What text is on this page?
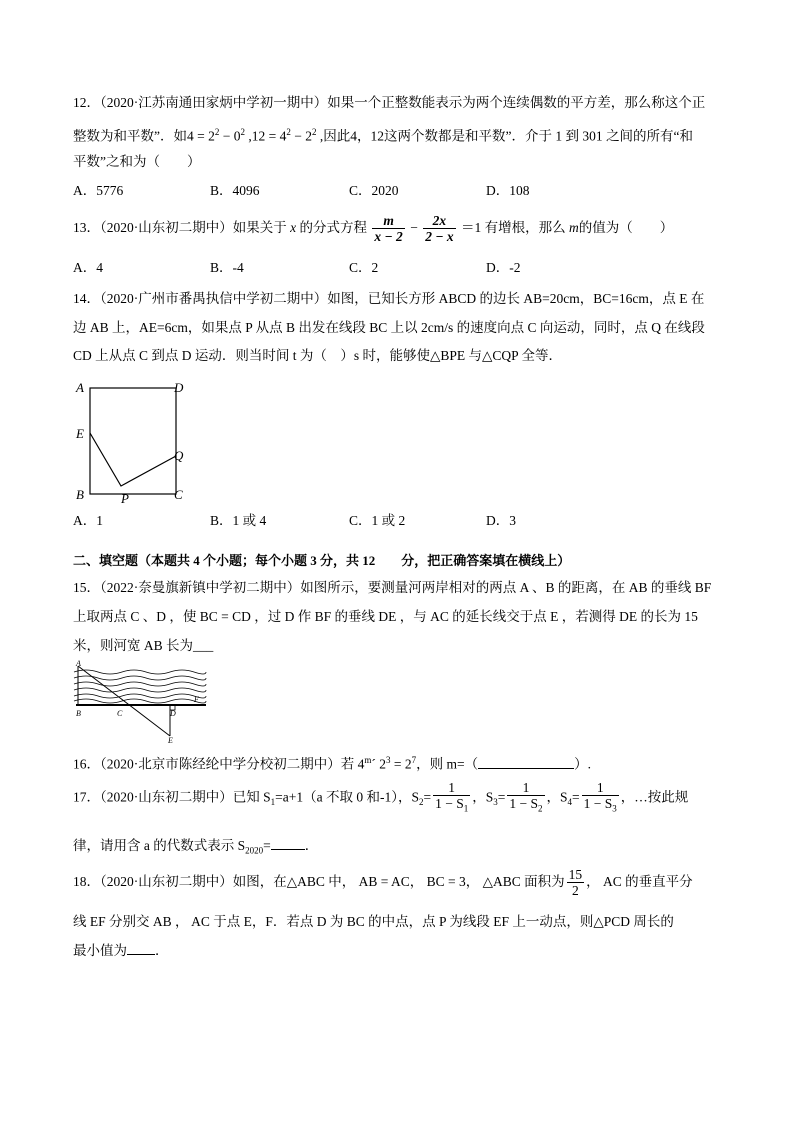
12．（2020·江苏南通田家炳中学初一期中）如果一个正整数能表示为两个连续偶数的平方差，那么称这个正
整数为和平数”．如$4 = 2^2 - 0^2$ $,12 = 4^2 - 2^2$ ,因此4，12这两个数都是和平数”．介于 1 到 301 之间的所有“和
平数”之和为（　　）
A．5776	B．4096	C．2020	D．108
13．（2020·山东初二期中）如果关于 x 的分式方程 $\frac{m}{x - 2} - \frac{2x}{2 - x} =1$ 有增根，那么 m的值为（　　）
A．4	B．-4	C．2	D．-2
14．（2020·广州市番禺执信中学初二期中）如图，已知长方形 ABCD 的边长 AB=20cm，BC=16cm，点 E 在
边 AB 上，AE=6cm，如果点 P 从点 B 出发在线段 BC 上以 2cm/s 的速度向点 C 向运动，同时，点 Q 在线段
CD 上从点 C 到点 D 运动．则当时间 t 为（　）s 时，能够使△BPE 与△CQP 全等．
A	D
E
Q
B	P	C
A．1	B．1 或 4	C．1 或 2	D．3
二、填空题（本题共 4 个小题；每个小题 3 分，共 12　　分，把正确答案填在横线上）
15．（2022·奈曼旗新镇中学初二期中）如图所示，要测量河两岸相对的两点 A 、B 的距离，在 AB 的垂线 BF
上取两点 C 、D ，使 BC = CD ，过 D 作 BF 的垂线 DE ，与 AC 的延长线交于点 E ，若测得 DE 的长为 15
米，则河宽 AB 长为___
A
B	C	D
F
E
16．（2020·北京市陈经纶中学分校初二期中）若 4$^m$´ $2^3 = 2^7$，则 m=（	）.
17．（2020·山东初二期中）已知 $S_1=a+1(a$ 不取 0 和-1），$S_2= \frac{1}{1 - S_1}$ ，$S_3= \frac{1}{1 - S_2}$ ，$S_4= \frac{1}{1 - S_3}$ ，…按此规
律，请用含 a 的代数式表示 $S_{2020}=$	．
18．（2020·山东初二期中）如图，在△ABC 中， AB = AC， BC = 3， △ABC 面积为 $\frac{15}{2}$ ， AC 的垂直平分
线 EF 分别交 AB ， AC 于点 E，F．若点 D 为 BC 的中点，点 P 为线段 EF 上一动点，则△PCD 周长的
最小值为 ．
